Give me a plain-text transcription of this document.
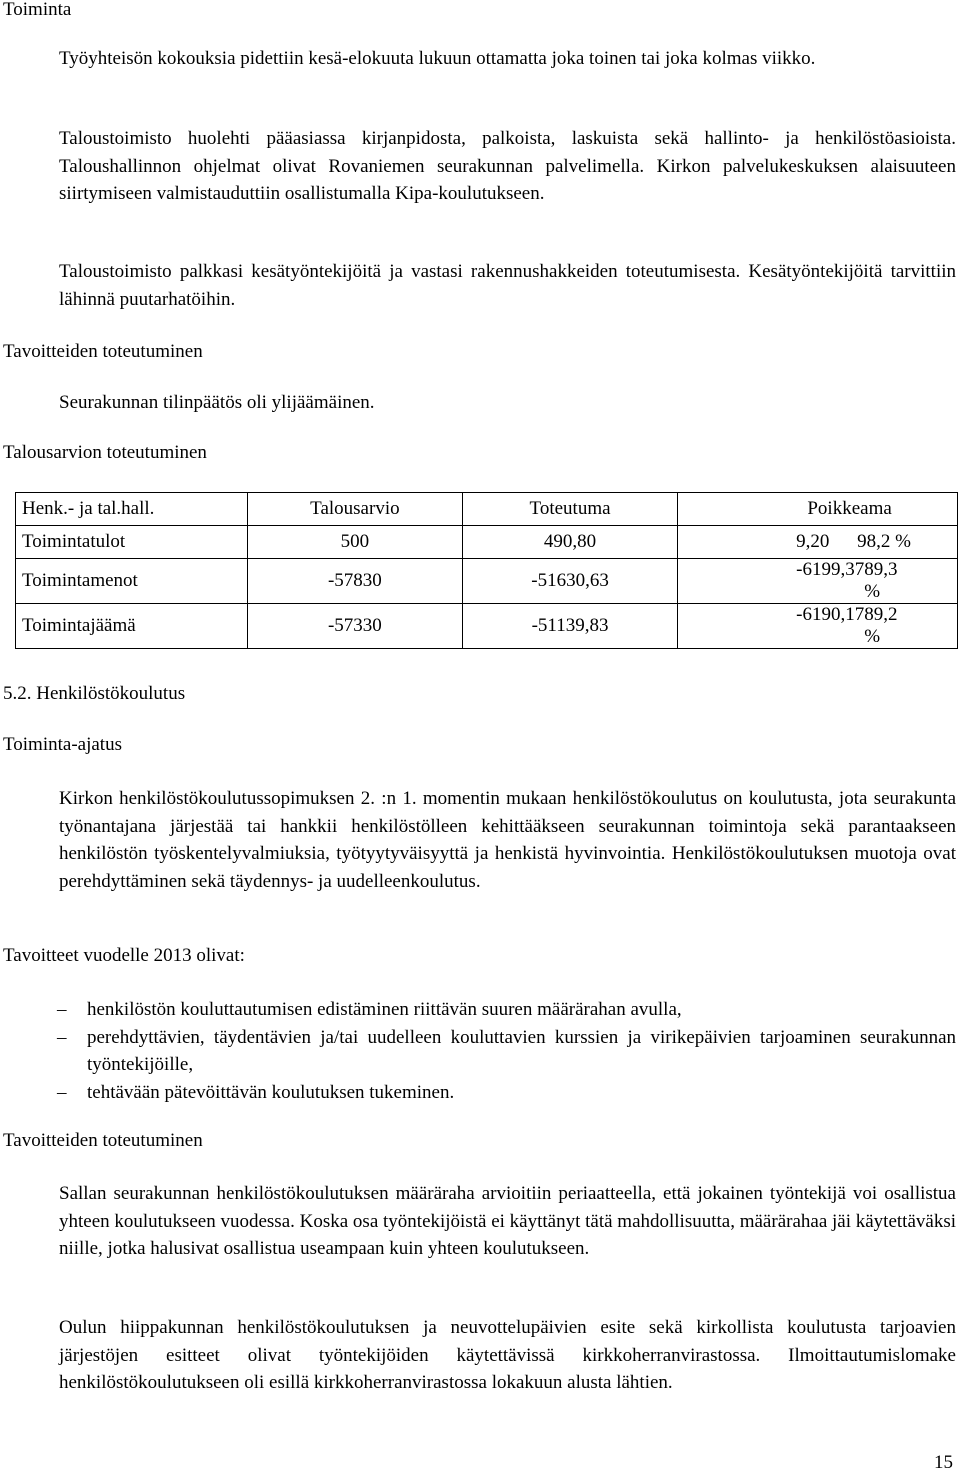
Toiminta
Työyhteisön kokouksia pidettiin kesä-elokuuta lukuun ottamatta joka toinen tai joka kolmas viikko.
Taloustoimisto huolehti pääasiassa kirjanpidosta, palkoista, laskuista sekä hallinto- ja henkilöstöasioista. Taloushallinnon ohjelmat olivat Rovaniemen seurakunnan palvelimella. Kirkon palvelukeskuksen alaisuuteen siirtymiseen valmistauduttiin osallistumalla Kipa-koulutukseen.
Taloustoimisto palkkasi kesätyöntekijöitä ja vastasi rakennushakkeiden toteutumisesta. Kesätyöntekijöitä tarvittiin lähinnä puutarhatöihin.
Tavoitteiden toteutuminen
Seurakunnan tilinpäätös oli ylijäämäinen.
Talousarvion toteutuminen
Henk.- ja tal.hall.	Talousarvio	Toteutuma	Poikkeama
Toimintatulot	500	490,80	9,20 98,2 %

Toimintamenot	-57830	-51630,63	-6199,37 89,3 %

Toimintajäämä	-57330	-51139,83	-6190,17 89,2 %
5.2. Henkilöstökoulutus
Toiminta-ajatus
Kirkon henkilöstökoulutussopimuksen 2. :n 1. momentin mukaan henkilöstökoulutus on koulutusta, jota seurakunta työnantajana järjestää tai hankkii henkilöstölleen kehittääkseen seurakunnan toimintoja sekä parantaakseen henkilöstön työskentelyvalmiuksia, työtyytyväisyyttä ja henkistä hyvinvointia. Henkilöstökoulutuksen muotoja ovat perehdyttäminen sekä täydennys- ja uudelleenkoulutus.
Tavoitteet vuodelle 2013 olivat:
– henkilöstön kouluttautumisen edistäminen riittävän suuren määrärahan avulla,
– perehdyttävien, täydentävien ja/tai uudelleen kouluttavien kurssien ja virikepäivien tarjoaminen seurakunnan työntekijöille,
– tehtävään pätevöittävän koulutuksen tukeminen.
Tavoitteiden toteutuminen
Sallan seurakunnan henkilöstökoulutuksen määräraha arvioitiin periaatteella, että jokainen työntekijä voi osallistua yhteen koulutukseen vuodessa. Koska osa työntekijöistä ei käyttänyt tätä mahdollisuutta, määrärahaa jäi käytettäväksi niille, jotka halusivat osallistua useampaan kuin yhteen koulutukseen.
Oulun hiippakunnan henkilöstökoulutuksen ja neuvottelupäivien esite sekä kirkollista koulutusta tarjoavien järjestöjen esitteet olivat työntekijöiden käytettävissä kirkkoherranvirastossa. Ilmoittautumislomake henkilöstökoulutukseen oli esillä kirkkoherranvirastossa lokakuun alusta lähtien.
15
